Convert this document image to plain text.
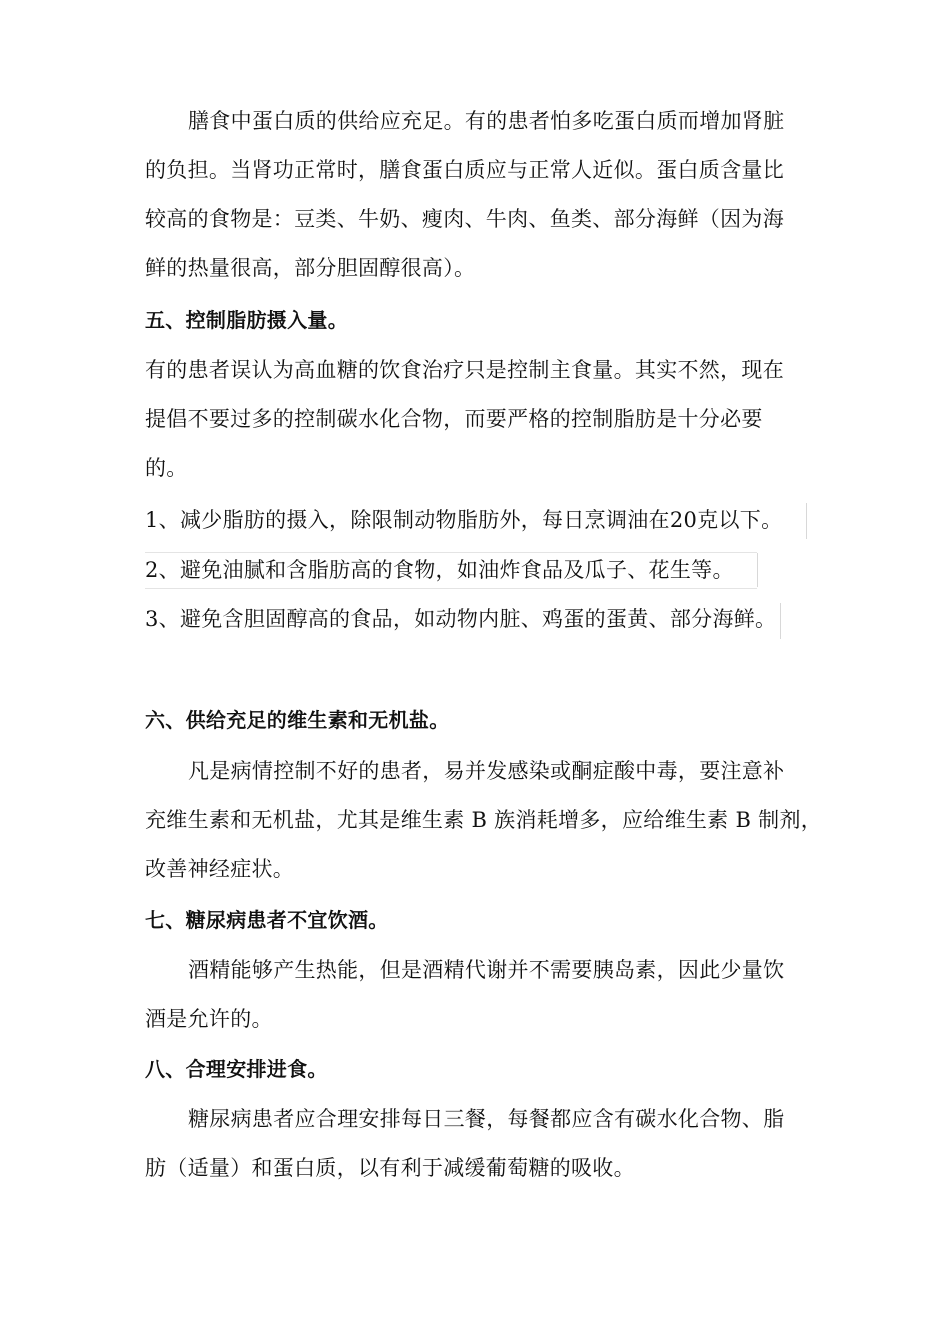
膳食中蛋白质的供给应充足。有的患者怕多吃蛋白质而增加肾脏
的负担。当肾功正常时，膳食蛋白质应与正常人近似。蛋白质含量比
较高的食物是：豆类、牛奶、瘦肉、牛肉、鱼类、部分海鲜（因为海
鲜的热量很高，部分胆固醇很高）。
五、控制脂肪摄入量。
有的患者误认为高血糖的饮食治疗只是控制主食量。其实不然，现在
提倡不要过多的控制碳水化合物，而要严格的控制脂肪是十分必要
的。
1、减少脂肪的摄入，除限制动物脂肪外，每日烹调油在20克以下。
2、避免油腻和含脂肪高的食物，如油炸食品及瓜子、花生等。
3、避免含胆固醇高的食品，如动物内脏、鸡蛋的蛋黄、部分海鲜。
六、供给充足的维生素和无机盐。
凡是病情控制不好的患者，易并发感染或酮症酸中毒，要注意补
充维生素和无机盐，尤其是维生素 B 族消耗增多，应给维生素 B 制剂，
改善神经症状。
七、糖尿病患者不宜饮酒。
酒精能够产生热能，但是酒精代谢并不需要胰岛素，因此少量饮
酒是允许的。
八、合理安排进食。
糖尿病患者应合理安排每日三餐，每餐都应含有碳水化合物、脂
肪（适量）和蛋白质，以有利于减缓葡萄糖的吸收。
